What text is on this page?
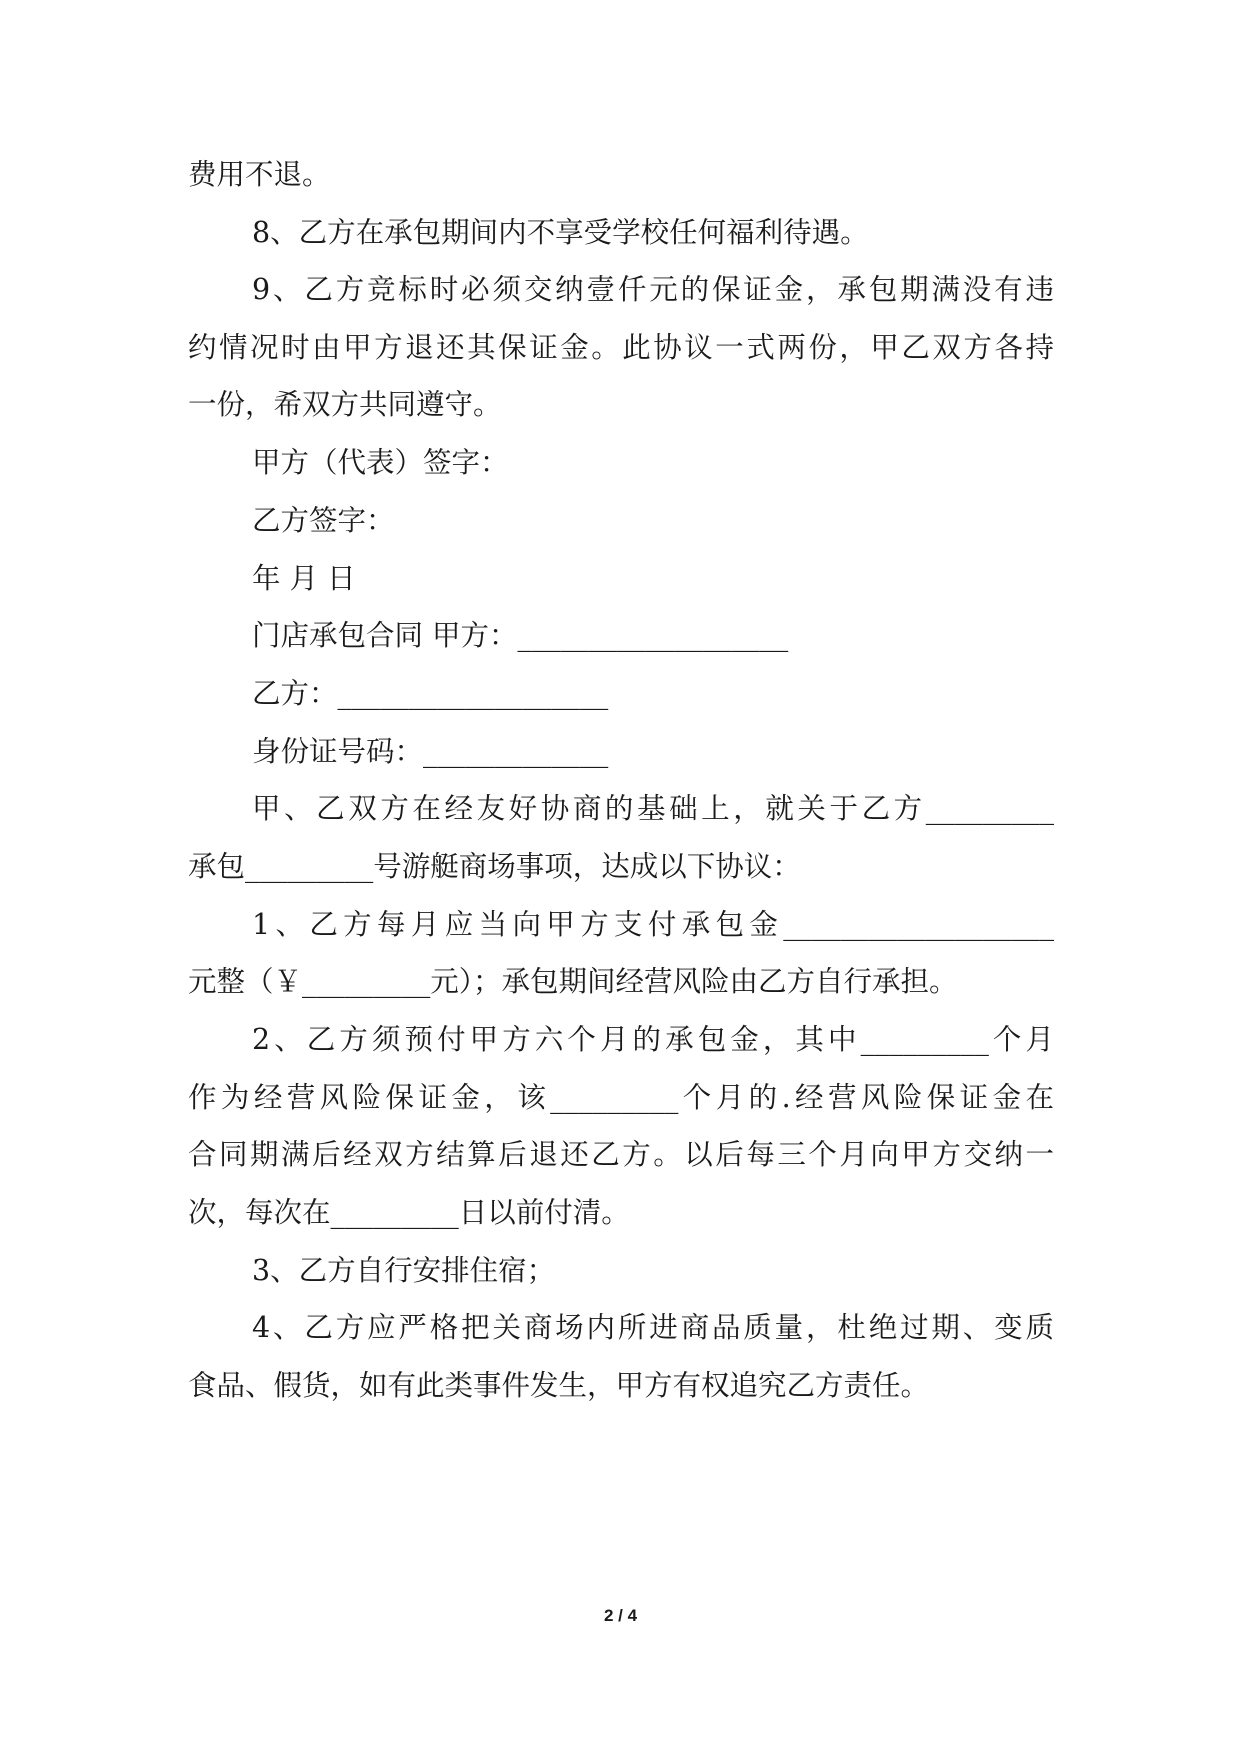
费用不退。
8、乙方在承包期间内不享受学校任何福利待遇。
9、乙方竞标时必须交纳壹仟元的保证金，承包期满没有违
约情况时由甲方退还其保证金。此协议一式两份，甲乙双方各持
一份，希双方共同遵守。
甲方（代表）签字：
乙方签字：
年 月 日
门店承包合同 甲方：___________________
乙方：___________________
身份证号码：_____________
甲、乙双方在经友好协商的基础上，就关于乙方_________
承包_________号游艇商场事项，达成以下协议：
1、乙方每月应当向甲方支付承包金___________________
元整（￥_________元）；承包期间经营风险由乙方自行承担。
2、乙方须预付甲方六个月的承包金，其中_________个月
作为经营风险保证金，该_________个月的.经营风险保证金在
合同期满后经双方结算后退还乙方。以后每三个月向甲方交纳一
次，每次在_________日以前付清。
3、乙方自行安排住宿；
4、乙方应严格把关商场内所进商品质量，杜绝过期、变质
食品、假货，如有此类事件发生，甲方有权追究乙方责任。
2 / 4
